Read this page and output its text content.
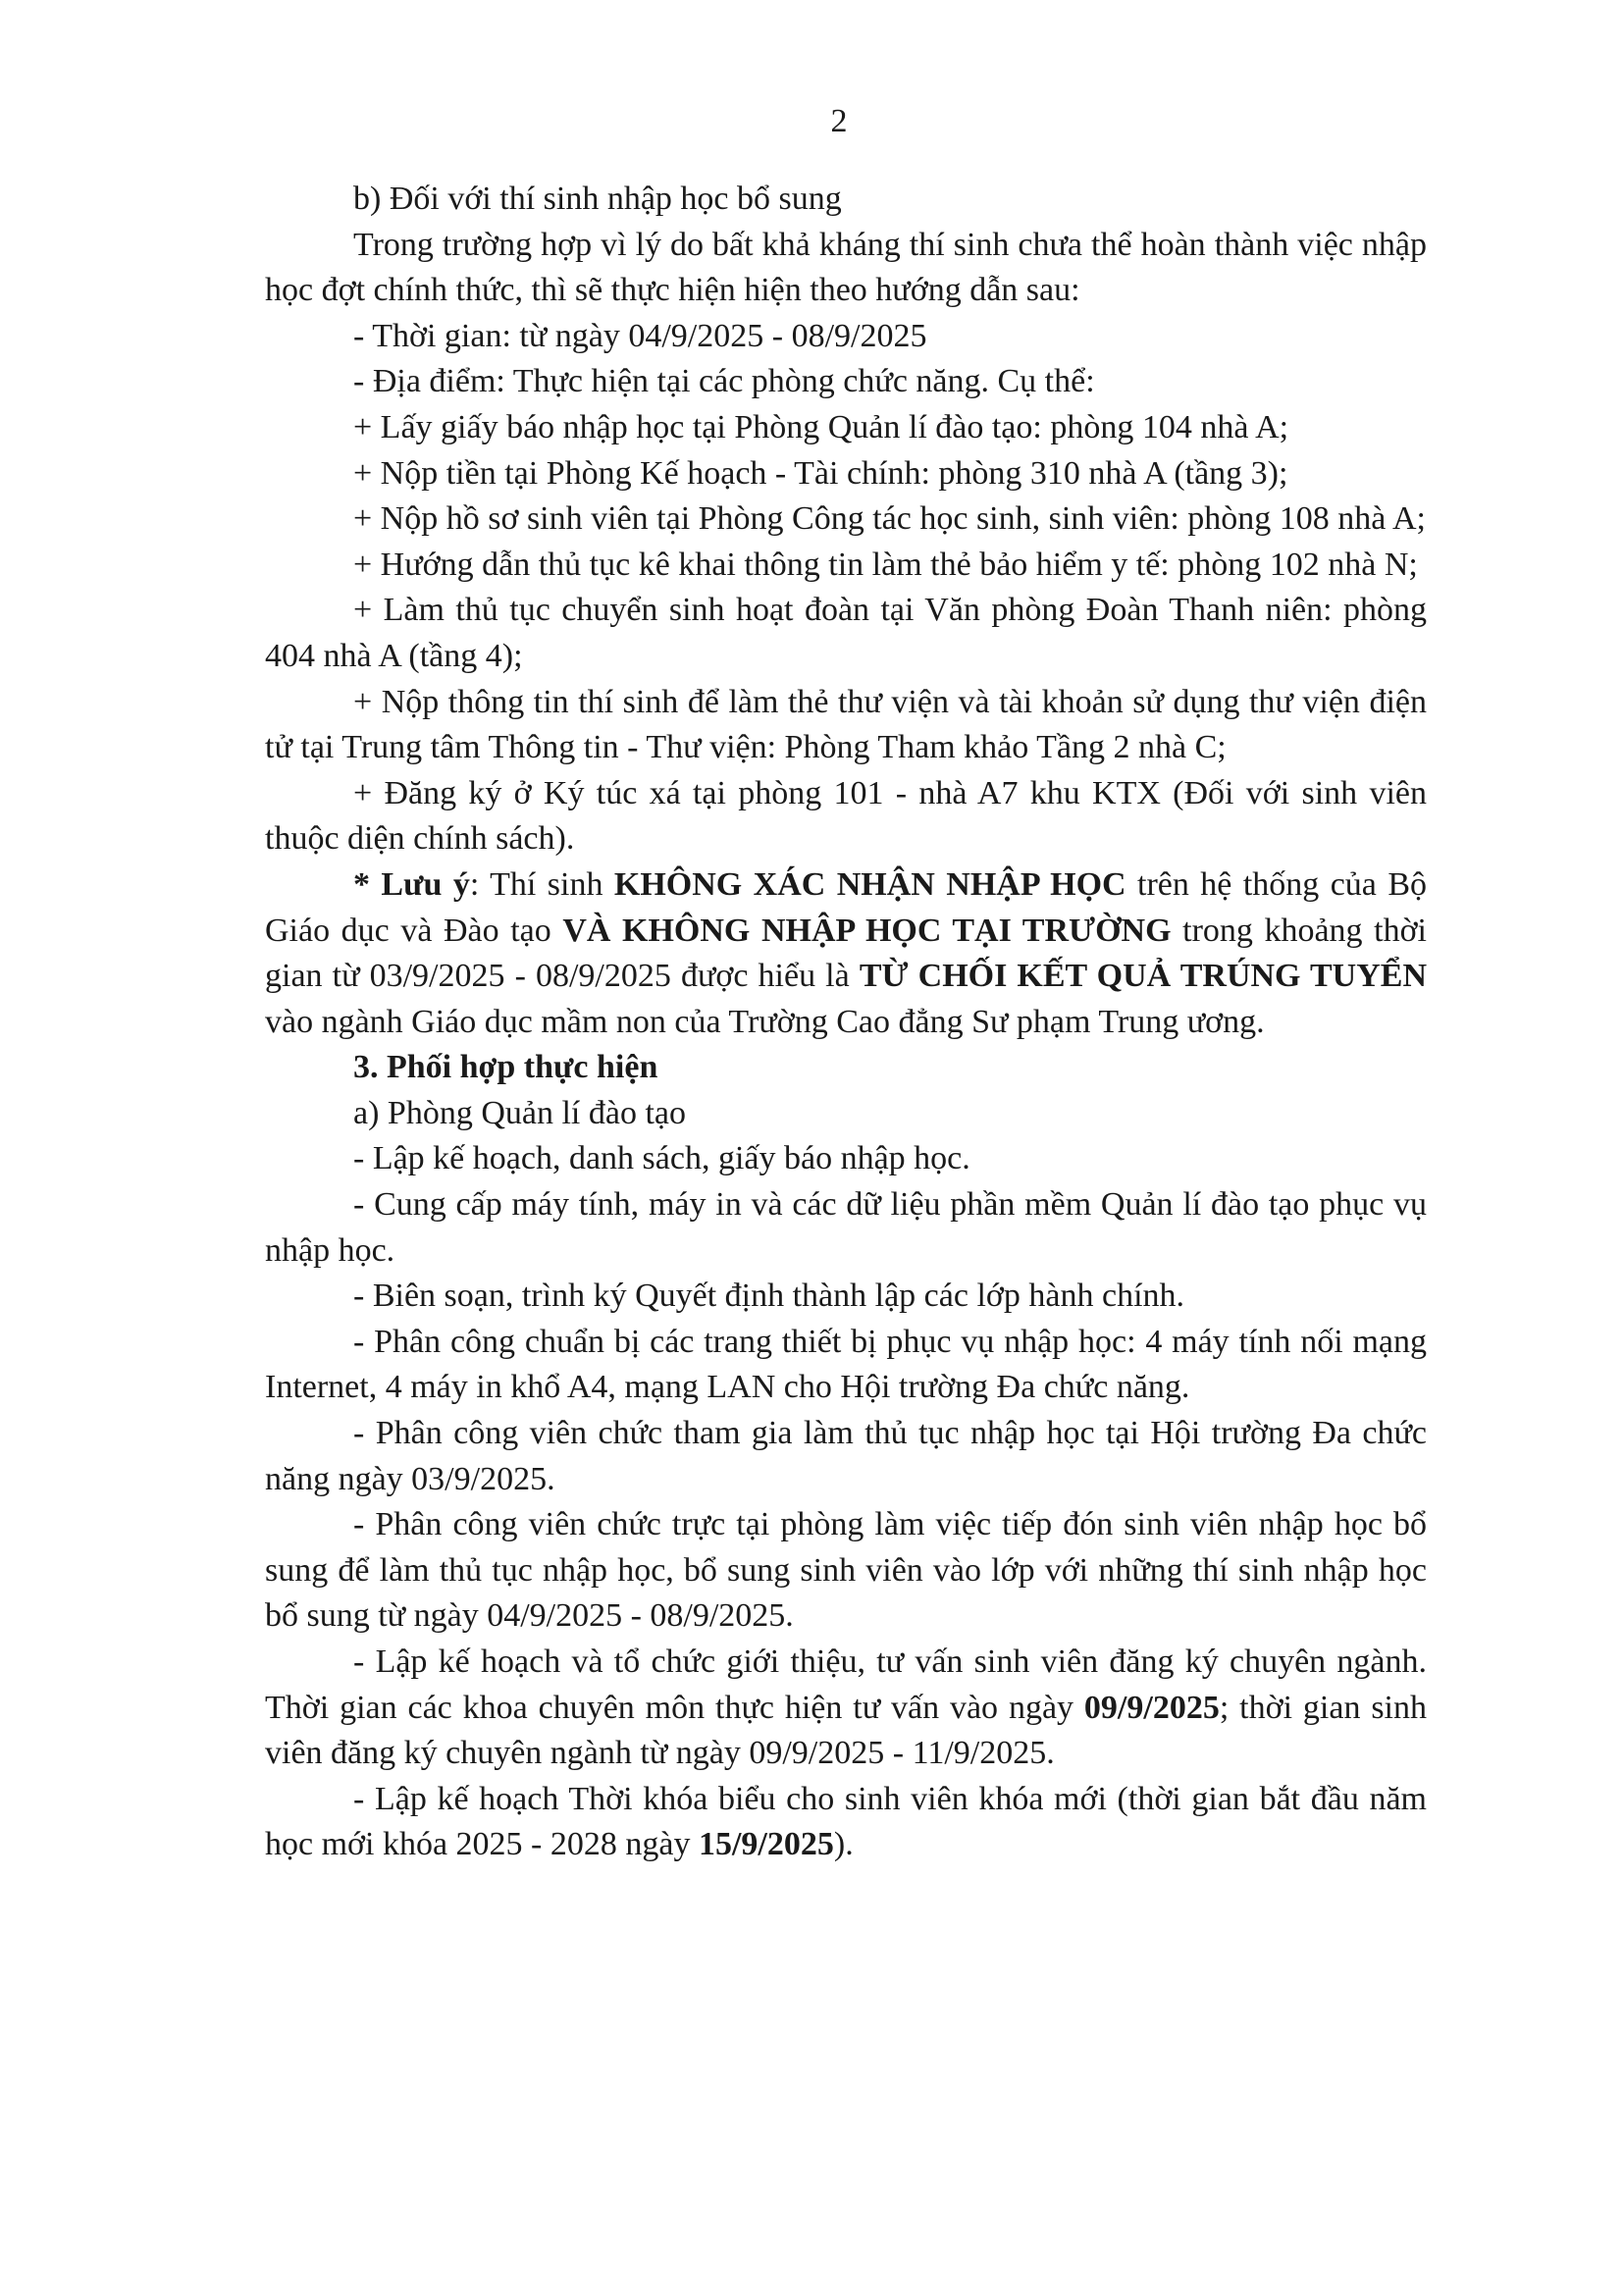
2

b) Đối với thí sinh nhập học bổ sung

Trong trường hợp vì lý do bất khả kháng thí sinh chưa thể hoàn thành việc nhập học đợt chính thức, thì sẽ thực hiện hiện theo hướng dẫn sau:

- Thời gian: từ ngày 04/9/2025 - 08/9/2025

- Địa điểm: Thực hiện tại các phòng chức năng. Cụ thể:

+ Lấy giấy báo nhập học tại Phòng Quản lí đào tạo: phòng 104 nhà A;

+ Nộp tiền tại Phòng Kế hoạch - Tài chính: phòng 310 nhà A (tầng 3);

+ Nộp hồ sơ sinh viên tại Phòng Công tác học sinh, sinh viên: phòng 108 nhà A;

+ Hướng dẫn thủ tục kê khai thông tin làm thẻ bảo hiểm y tế: phòng 102 nhà N;

+ Làm thủ tục chuyển sinh hoạt đoàn tại Văn phòng Đoàn Thanh niên: phòng 404 nhà A (tầng 4);

+ Nộp thông tin thí sinh để làm thẻ thư viện và tài khoản sử dụng thư viện điện tử tại Trung tâm Thông tin - Thư viện: Phòng Tham khảo Tầng 2 nhà C;

+ Đăng ký ở Ký túc xá tại phòng 101 - nhà A7 khu KTX (Đối với sinh viên thuộc diện chính sách).

* Lưu ý: Thí sinh KHÔNG XÁC NHẬN NHẬP HỌC trên hệ thống của Bộ Giáo dục và Đào tạo VÀ KHÔNG NHẬP HỌC TẠI TRƯỜNG trong khoảng thời gian từ 03/9/2025 - 08/9/2025 được hiểu là TỪ CHỐI KẾT QUẢ TRÚNG TUYỂN vào ngành Giáo dục mầm non của Trường Cao đẳng Sư phạm Trung ương.

3. Phối hợp thực hiện

a) Phòng Quản lí đào tạo

- Lập kế hoạch, danh sách, giấy báo nhập học.

- Cung cấp máy tính, máy in và các dữ liệu phần mềm Quản lí đào tạo phục vụ nhập học.

- Biên soạn, trình ký Quyết định thành lập các lớp hành chính.

- Phân công chuẩn bị các trang thiết bị phục vụ nhập học: 4 máy tính nối mạng Internet, 4 máy in khổ A4, mạng LAN cho Hội trường Đa chức năng.

- Phân công viên chức tham gia làm thủ tục nhập học tại Hội trường Đa chức năng ngày 03/9/2025.

- Phân công viên chức trực tại phòng làm việc tiếp đón sinh viên nhập học bổ sung để làm thủ tục nhập học, bổ sung sinh viên vào lớp với những thí sinh nhập học bổ sung từ ngày 04/9/2025 - 08/9/2025.

- Lập kế hoạch và tổ chức giới thiệu, tư vấn sinh viên đăng ký chuyên ngành. Thời gian các khoa chuyên môn thực hiện tư vấn vào ngày 09/9/2025; thời gian sinh viên đăng ký chuyên ngành từ ngày 09/9/2025 - 11/9/2025.

- Lập kế hoạch Thời khóa biểu cho sinh viên khóa mới (thời gian bắt đầu năm học mới khóa 2025 - 2028 ngày 15/9/2025).
